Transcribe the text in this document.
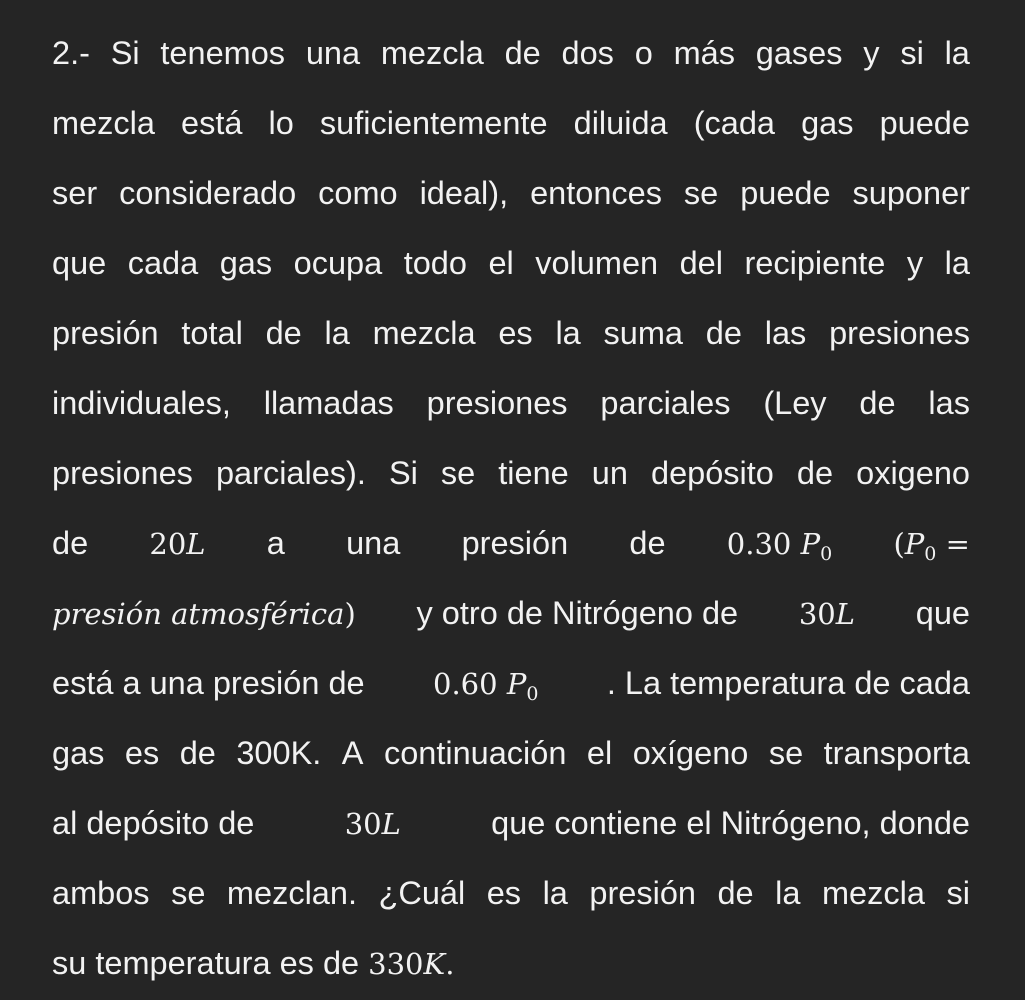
2.- Si tenemos una mezcla de dos o más gases y si la
mezcla está lo suficientemente diluida (cada gas puede
ser considerado como ideal), entonces se puede suponer
que cada gas ocupa todo el volumen del recipiente y la
presión total de la mezcla es la suma de las presiones
individuales, llamadas presiones parciales (Ley de las
presiones parciales). Si se tiene un depósito de oxigeno
de 20L a una presión de 0.30 $P_0$ ($P_0$ =
presión atmosférica) y otro de Nitrógeno de 30L que
está a una presión de 0.60 $P_0$ . La temperatura de cada
gas es de 300K. A continuación el oxígeno se transporta
al depósito de	30L	que contiene el Nitrógeno, donde
ambos se mezclan. ¿Cuál es la presión de la mezcla si
su temperatura es de
330K.
